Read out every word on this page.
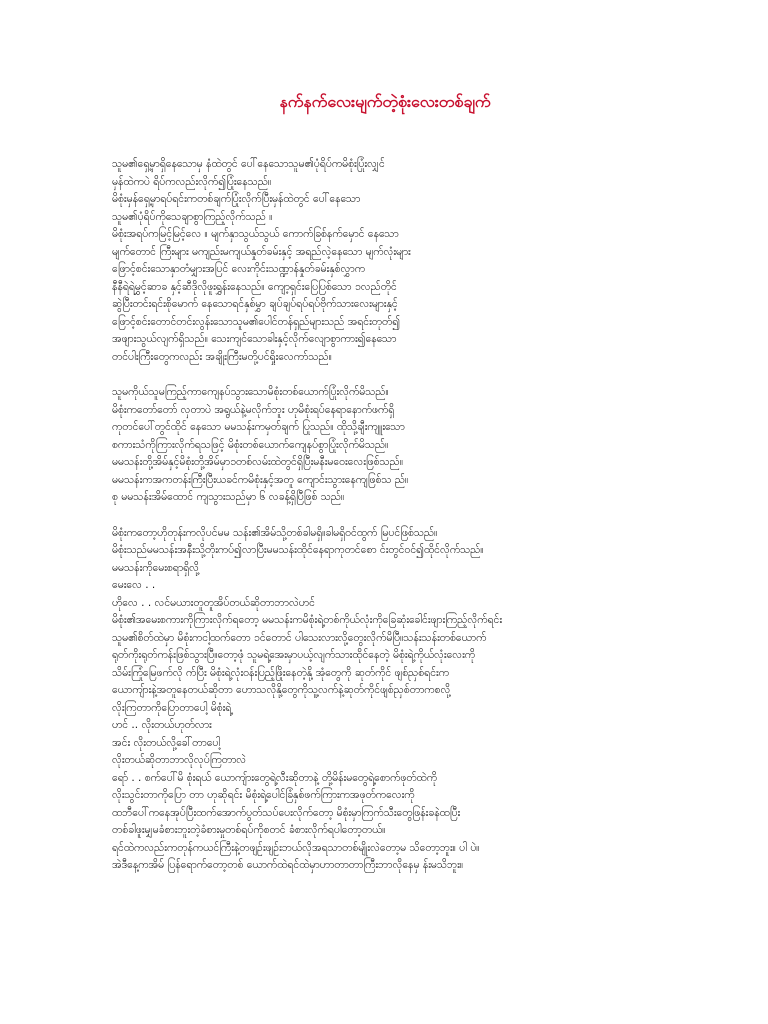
နက်နက်လေးမျက်တဲ့စုံးလေးတစ်ချက်
သူမ၏ရှေ့မှာရှိနေသောမှ နံထဲတွင် ပေါ်နေသောသူမ၏ပုံရိပ်ကမိစုံးပြုံးလျှင်
မှန်ထဲကပဲ ရိပ်ကလည်းလိုက်၍ပြုံးနေသည်။
မိစုံးမှန်ရှေ့မှာရပ်ရင်းကတစ်ချက်ပြုံးလိုက်ပြီးမှန်ထဲတွင် ပေါ်နေသော
သူမ၏ပုံရိပ်ကိုသေချာစွာကြည့်လိုက်သည် ။
မိစုံးအရပ်ကမြင့်မြင့်လေ ။ မျက်နှာသွယ်သွယ် ကောက်ခြစ်နက်မှောင် နေသော
မျက်တောင် ကြီးများ မကျည်းမကျယ်နှုတ်ခမ်းနှင့် အရည်လဲ့နေသော မျက်လုံးများ
ဖြောင့်စင်းသောနှာတံမျှားအပြင် လေးကိုင်းသဏ္ဍာန်နှုတ်ခမ်းနှစ်လွှာက
နီနီရဲရဲမွှင့်ဆာခ နှင့်ဆီဒိုလိုဖူးရွှန်းနေသည်။ ကျော့ရှင်းပြေပြစ်သော ၁လည်တိုင်
ဆွဲပြီးတင်းရင်းစိုမောက် နေသောရင်နှစ်မွှာ ချပ်ချပ်ရပ်ရပ်ဗိုက်သားလေးများနှင့်
ဖြောင့်စင်းတောင်တင်းလွန်းသောသူမ၏ပေါင်တန်ရှည်များသည် အရင်းတုတ်၍
အဖျားသွယ်လျက်ရှိသည်။ သေးကျင်သောခါးနှင့်လိုက်လျောစွာကား၍နေသော
တင်ပါးကြီးတွေကလည်း အချိုးကြီးမတို့ပင်ရှိုးလေကာ်သည်။
သူမကိုယ်သူမကြည့်ကာကျေနပ်သွားသောမိစုံးတစ်ယောက်ပြုံးလိုက်မိသည်။
မိစုံးကတော်တော် လှတာပဲ အရွယ်နဲ့မလိုက်ဘူး ဟုမိစုံးရပ်နေရာနောက်ဖက်ရှိ
ကုတင်ပေါ်တွင်ထိုင် နေသော မမသန်းကမှတ်ချက် ပြုသည်။ ထိုသို့ချီးကျူးသော
စကားသံကိုကြားလိုက်ရသဖြင့် မိစုံးတစ်ယောက်ကျေနပ်စွာပြုံးလိုက်မိသည်။
မမသန်းတို့အိမ်နှင့်မိစုံးတို့အိမ်မှာ၁တစ်လမ်းထဲတွင်ရှိပြီးမနီးမဝေးလေးဖြစ်သည်။
မမသန်းကအကတန်းကြီးပြီးယခင်ကမိစုံးနှင့်အတူ ကျောင်းသွားနေကျဖြစ်သ ည်။
စု မမသန်းအိမ်ထောင် ကျသွားသည်မှာ ၆ လခန့်ရှိပြီဖြစ် သည်။
မိစုံးကတော့ဟိုတုန်းကလိုပင်မမ သန်း၏အိမ်သို့တစ်ခါမရှိ။ခါမရှိဝင်ထွက် မြပင်ဖြစ်သည်။
မိစုံးသည်မမသန်းအနီးသို့တိုးကပ်၍လာပြီးမမသန်းထိုင်နေရာကုတင်စော င်းတွင်ဝင်၍ထိုင်လိုက်သည်။
မမသန်းကိုမေးစရာရှိလို့
မေးလေ . .
ဟိုလေ . . လင်မယားတူတူအိပ်တယ်ဆိုတာဘာလဲဟင်
မိစုံး၏အမေးစကားကိုကြားလိုက်ရတော့ မမသန်းကမိစုံးရဲ့တစ်ကိုယ်လုံးကိုခြေဆုံးခေါင်းဖျားကြည့်လိုက်ရင်း
သူမ၏စိတ်ထဲမှာ မိစုံးကငါ့ထက်တော ၁င်တောင် ပါသေးလားလို့တွေးလိုက်မိပြီ။သန်းသန်းတစ်ယောက်
ရုတ်ကိုးရုတ်ကန်းဖြစ်သွားပြီ။တော့ဖုံ သူမရဲ့အေးမှာပယ့်လျက်သားထိုင်နေတဲ့ မိစုံးရဲ့ကိုယ်လုံးလေးကို
သိမ်းကြုံမြေဖက်လို က်ပြီး မိစုံးရဲ့လုံးဝန်းပြည့်ဖြိုးနေတဲ့နို့ အုံတွေကို ဆုတ်ကိုင် ဖျစ်ညှစ်ရင်းက
ယောကျ်ားနဲ့အတူနေတယ်ဆိုတာ ဟောသလိုနို့တွေကိုသူ့လက်နဲ့ဆုတ်ကိုင်ဖျစ်ညှစ်တာကစလို့
လိုးကြတာကိုပြောတာပေါ့ မိစုံးရဲ့
ဟင် .. လိုးတယ်ဟုတ်လား
အင်း လိုးတယ်လို့ခေါ်တာပေါ့
လိုးတယ်ဆိုတာဘာလိုလုပ်ကြတာလဲ
ရော် . . စက်ပေါ်မိ စုံးရယ် ယောကျ်ားတွေရဲ့လီးဆိုတာနဲ့ တို့မိန်းမတွေရဲ့စောက်ဖုတ်ထဲကို
လိုးသွင်းတာကိုပြော တာ ဟုဆိုရင်း မိစုံးရဲ့ပေါင်ခြံနှစ်ဖက်ကြားကအဖုတ်ကလေးကို
ထဘီပေါ်ကနေအုပ်ပြီးထက်အောက်ပွတ်သပ်ပေးလိုက်တော့ မိစုံးမှာကြက်သီးတွေဖြန်းခနဲထပြီး
တစ်ခါဖူးမျှမခံစားဘူးတဲ့ခံစားမှုတစ်ရပ်ကိုစတင် ခံစားလိုက်ရပါတော့တယ်။
ရင်ထဲကလည်းကတုန်ကယင်ကြီးနဲ့တဖျဉ်းဖျဉ်းဘယ်လိုအရသာတစ်မျိုးလဲတော့မ သိတော့ဘူး။ ပါ ပဲ။
အဲဒီနေ့ကအိမ် ပြန်ရောက်တော့တစ် ယောက်ထဲရင်ထဲမှာဟာတာတာကြီးဘာလိုနေမှ န်းမသိဘူး။
